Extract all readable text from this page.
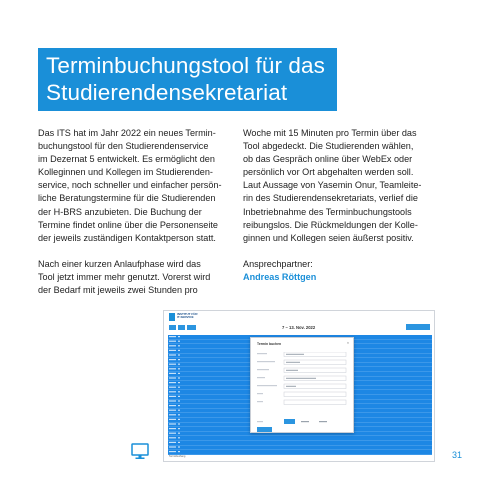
Terminbuchungstool für das
Studierendensekretariat

Das ITS hat im Jahr 2022 ein neues Termin-

buchungstool für den Studierendenservice

im Dezernat 5 entwickelt. Es ermöglicht den

Kolleginnen und Kollegen im Studierenden-

service, noch schneller und einfacher persön-

liche Beratungstermine für die Studierenden

der H-BRS anzubieten. Die Buchung der

Termine findet online über die Personenseite

der jeweils zuständigen Kontaktperson statt.

Nach einer kurzen Anlaufphase wird das

Tool jetzt immer mehr genutzt. Vorerst wird

der Bedarf mit jeweils zwei Stunden pro

Woche mit 15 Minuten pro Termin über das

Tool abgedeckt. Die Studierenden wählen,

ob das Gespräch online über WebEx oder

persönlich vor Ort abgehalten werden soll.

Laut Aussage von Yasemin Onur, Teamleite-

rin des Studierendensekretariats, verlief die

Inbetriebnahme des Terminbuchungstools

reibungslos. Die Rückmeldungen der Kolle-

ginnen und Kollegen seien äußerst positiv.

Ansprechpartner:

Andreas Röttgen

INSTITUT FÜR
IT-SERVICE
7 – 13. Nov. 2022
Termin buchen	×
Terminbuchung	31
